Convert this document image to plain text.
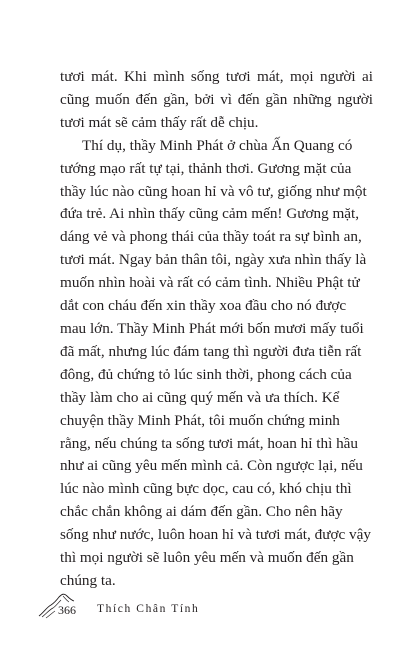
tươi mát. Khi mình sống tươi mát, mọi người ai cũng muốn đến gần, bởi vì đến gần những người tươi mát sẽ cảm thấy rất dễ chịu.

Thí dụ, thầy Minh Phát ở chùa Ấn Quang có tướng mạo rất tự tại, thảnh thơi. Gương mặt của thầy lúc nào cũng hoan hỉ và vô tư, giống như một đứa trẻ. Ai nhìn thấy cũng cảm mến! Gương mặt, dáng vẻ và phong thái của thầy toát ra sự bình an, tươi mát. Ngay bản thân tôi, ngày xưa nhìn thấy là muốn nhìn hoài và rất có cảm tình. Nhiều Phật tử dắt con cháu đến xin thầy xoa đầu cho nó được mau lớn. Thầy Minh Phát mới bốn mươi mấy tuổi đã mất, nhưng lúc đám tang thì người đưa tiễn rất đông, đủ chứng tỏ lúc sinh thời, phong cách của thầy làm cho ai cũng quý mến và ưa thích. Kể chuyện thầy Minh Phát, tôi muốn chứng minh rằng, nếu chúng ta sống tươi mát, hoan hỉ thì hầu như ai cũng yêu mến mình cả. Còn ngược lại, nếu lúc nào mình cũng bực dọc, cau có, khó chịu thì chắc chắn không ai dám đến gần. Cho nên hãy sống như nước, luôn hoan hỉ và tươi mát, được vậy thì mọi người sẽ luôn yêu mến và muốn đến gần chúng ta.

366 Thích Chân Tính
